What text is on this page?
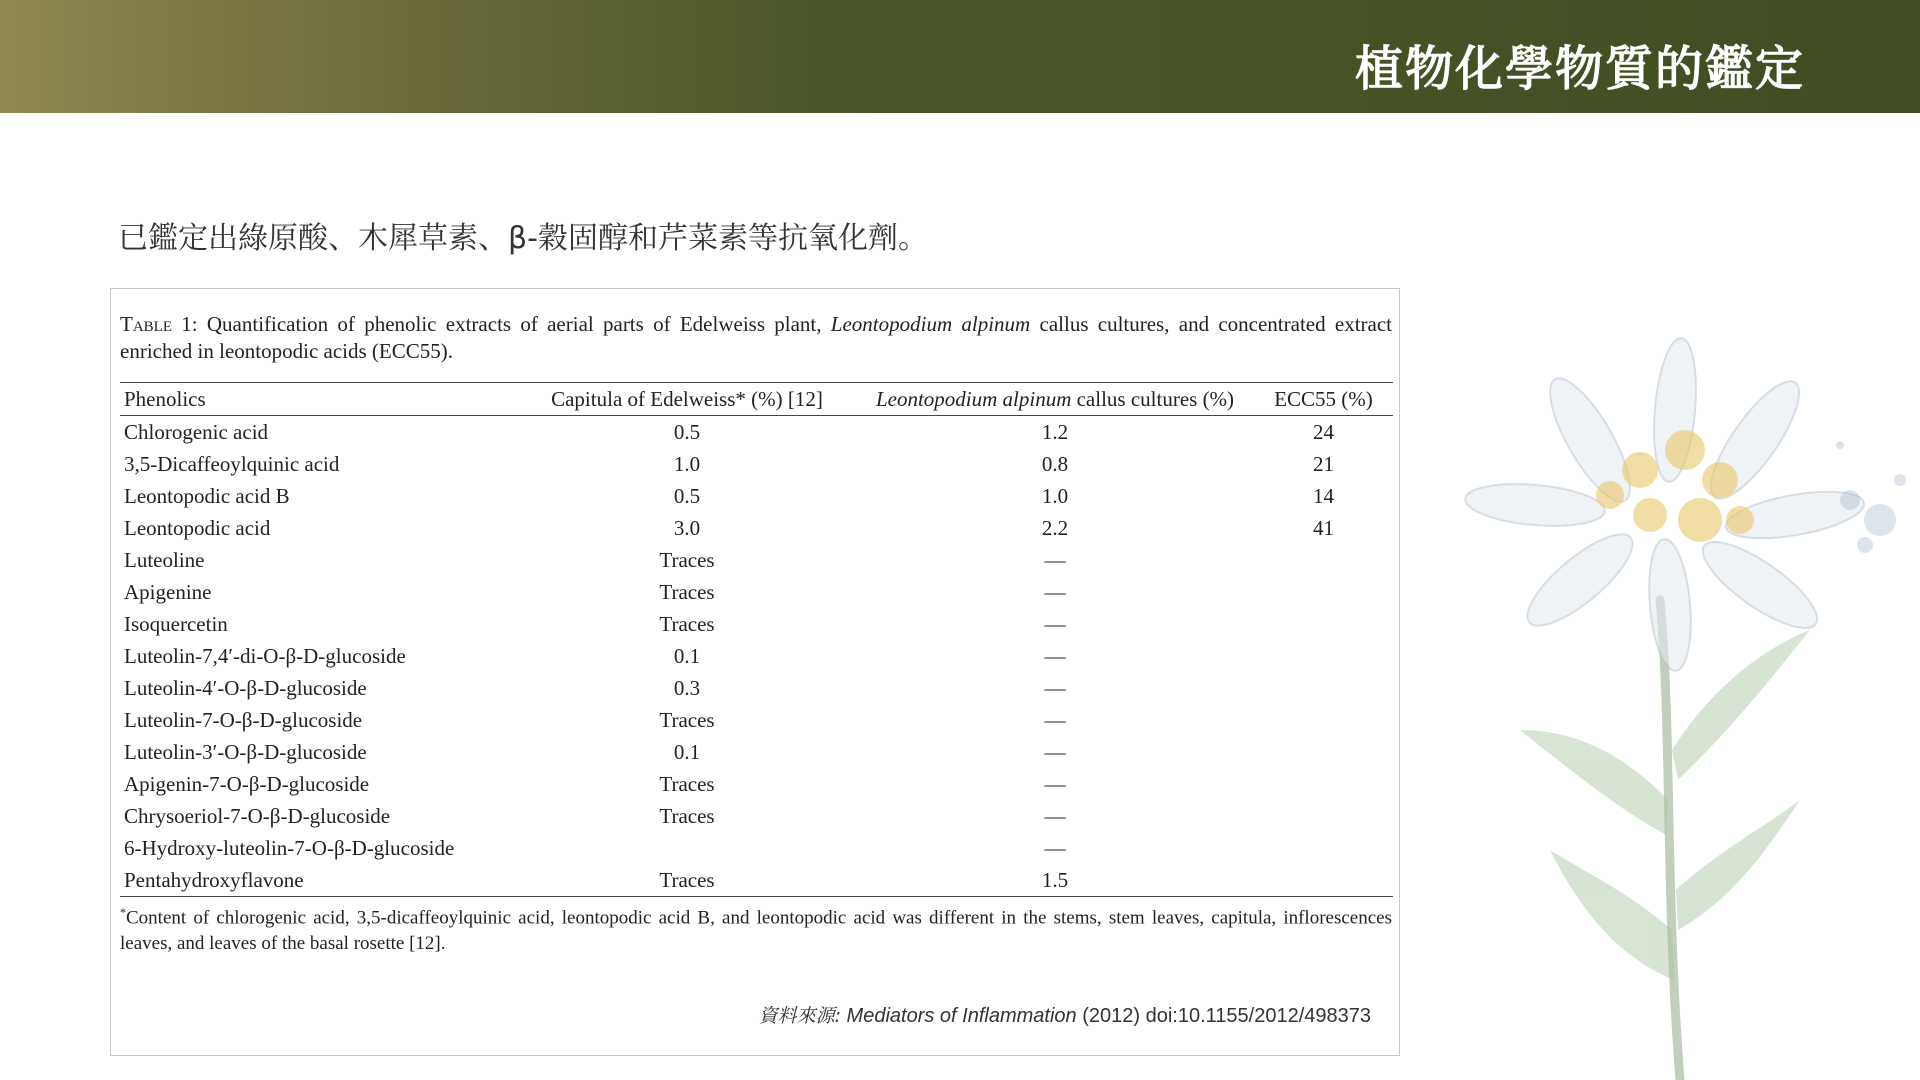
植物化學物質的鑑定
已鑑定出綠原酸、木犀草素、β-穀固醇和芹菜素等抗氧化劑。
Table 1: Quantification of phenolic extracts of aerial parts of Edelweiss plant, Leontopodium alpinum callus cultures, and concentrated extract enriched in leontopodic acids (ECC55).
Phenolics	Capitula of Edelweiss* (%) [12]	Leontopodium alpinum callus cultures (%)	ECC55 (%)
Chlorogenic acid	0.5	1.2	24
3,5-Dicaffeoylquinic acid	1.0	0.8	21
Leontopodic acid B	0.5	1.0	14
Leontopodic acid	3.0	2.2	41
Luteoline	Traces	—	
Apigenine	Traces	—	
Isoquercetin	Traces	—	
Luteolin-7,4′-di-O-β-D-glucoside	0.1	—	
Luteolin-4′-O-β-D-glucoside	0.3	—	
Luteolin-7-O-β-D-glucoside	Traces	—	
Luteolin-3′-O-β-D-glucoside	0.1	—	
Apigenin-7-O-β-D-glucoside	Traces	—	
Chrysoeriol-7-O-β-D-glucoside	Traces	—	
6-Hydroxy-luteolin-7-O-β-D-glucoside		—	
Pentahydroxyflavone	Traces	1.5	
*Content of chlorogenic acid, 3,5-dicaffeoylquinic acid, leontopodic acid B, and leontopodic acid was different in the stems, stem leaves, capitula, inflorescences leaves, and leaves of the basal rosette [12].
資料來源: Mediators of Inflammation (2012) doi:10.1155/2012/498373
